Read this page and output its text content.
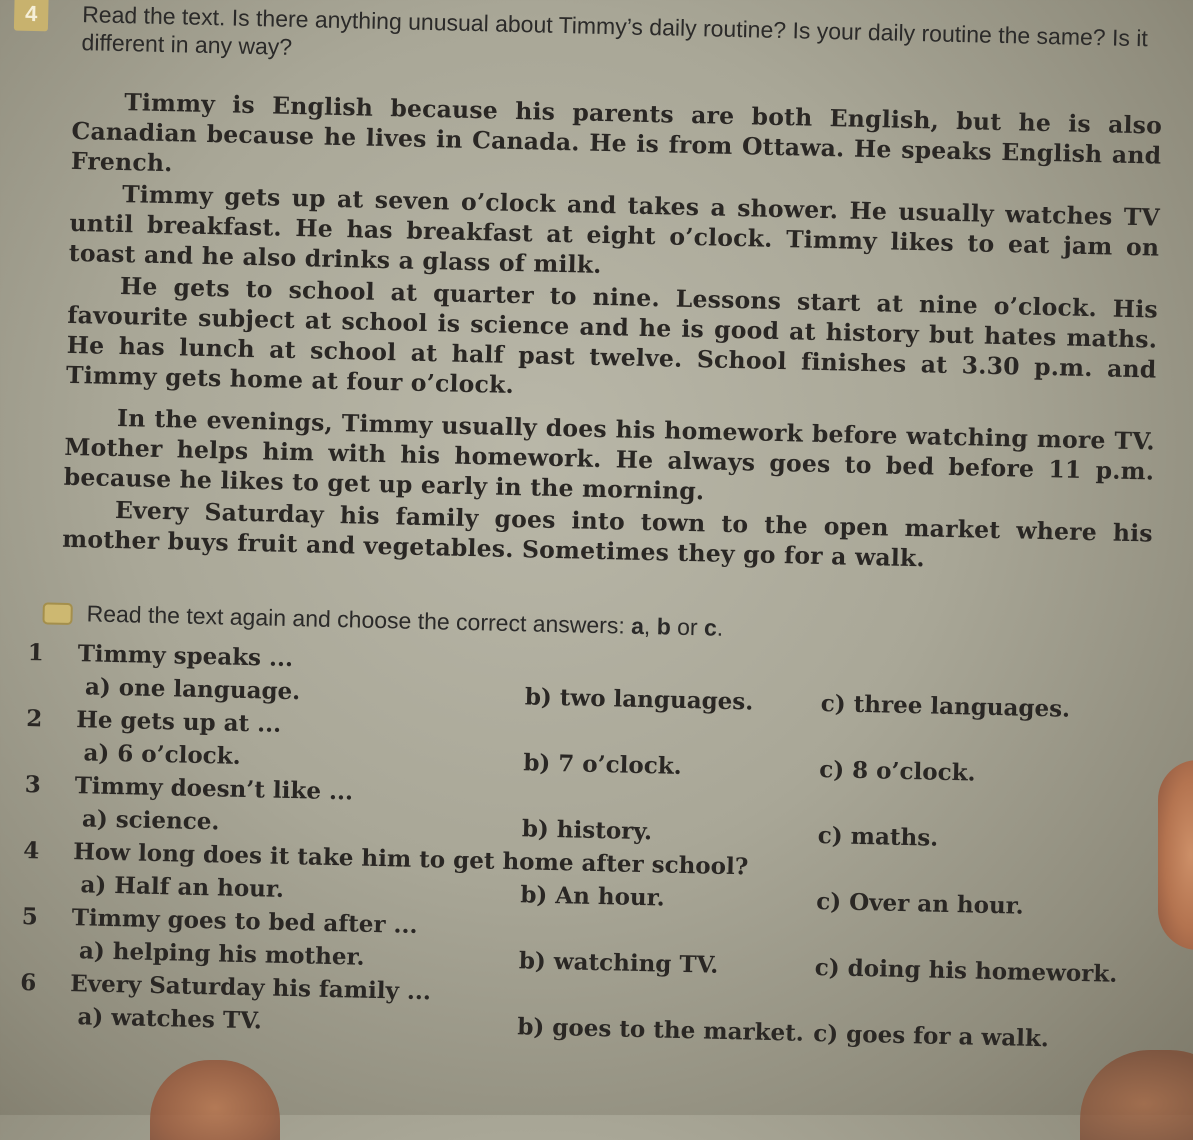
4	Read the text. Is there anything unusual about Timmy’s daily routine? Is your daily routine the same? Is it different in any way?

Timmy is English because his parents are both English, but he is also Canadian because he lives in Canada. He is from Ottawa. He speaks English and French.

Timmy gets up at seven o’clock and takes a shower. He usually watches TV until breakfast. He has breakfast at eight o’clock. Timmy likes to eat jam on toast and he also drinks a glass of milk.

He gets to school at quarter to nine. Lessons start at nine o’clock. His favourite subject at school is science and he is good at history but hates maths. He has lunch at school at half past twelve. School finishes at 3.30 p.m. and Timmy gets home at four o’clock.

In the evenings, Timmy usually does his homework before watching more TV. Mother helps him with his homework. He always goes to bed before 11 p.m. because he likes to get up early in the morning.

Every Saturday his family goes into town to the open market where his mother buys fruit and vegetables. Sometimes they go for a walk.

Read the text again and choose the correct answers: a, b or c.
1	Timmy speaks ...
a) one language.	b) two languages.	c) three languages.
2	He gets up at ...
a) 6 o’clock.	b) 7 o’clock.	c) 8 o’clock.
3	Timmy doesn’t like ...
a) science.	b) history.	c) maths.
4	How long does it take him to get home after school?
a) Half an hour.	b) An hour.	c) Over an hour.
5	Timmy goes to bed after ...
a) helping his mother.	b) watching TV.	c) doing his homework.
6	Every Saturday his family ...
a) watches TV.	b) goes to the market. c) goes for a walk.
